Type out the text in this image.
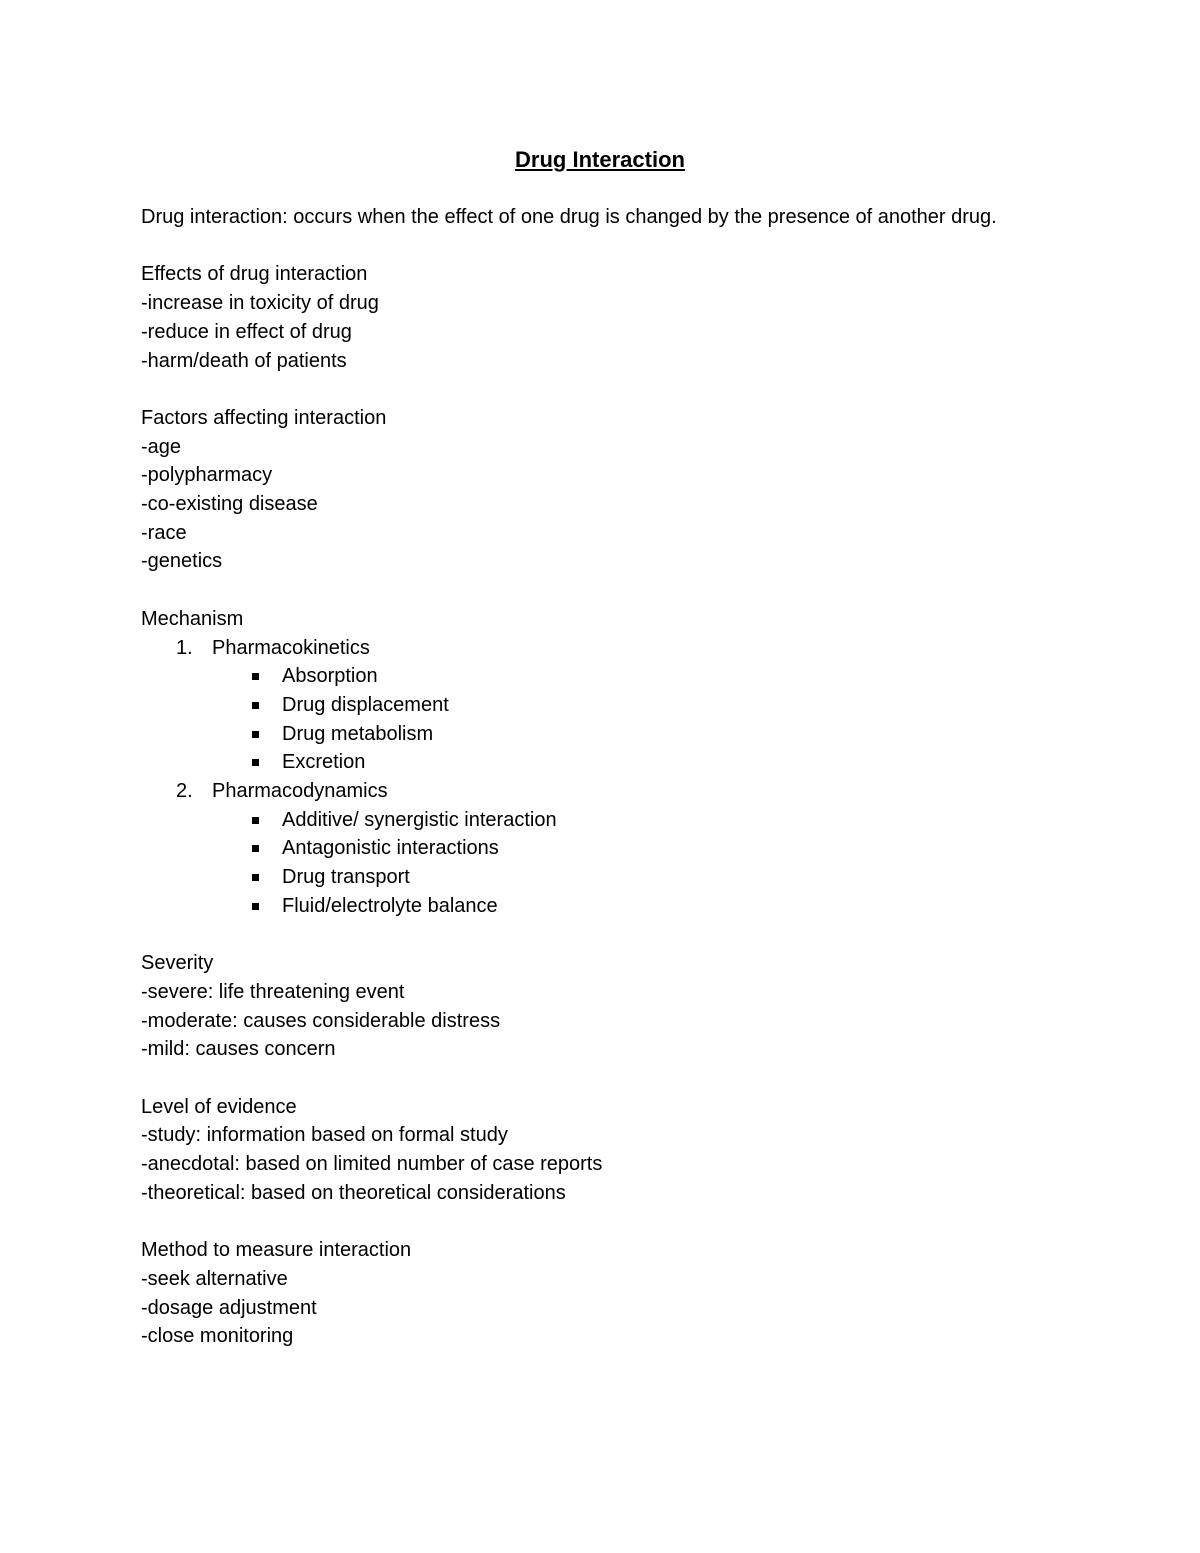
Drug Interaction

Drug interaction: occurs when the effect of one drug is changed by the presence of another drug.

Effects of drug interaction

-increase in toxicity of drug

-reduce in effect of drug

-harm/death of patients

Factors affecting interaction

-age

-polypharmacy

-co-existing disease

-race

-genetics

Mechanism

1. Pharmacokinetics
Absorption
Drug displacement
Drug metabolism
Excretion
2. Pharmacodynamics
Additive/ synergistic interaction
Antagonistic interactions
Drug transport
Fluid/electrolyte balance

Severity

-severe: life threatening event

-moderate: causes considerable distress

-mild: causes concern

Level of evidence

-study: information based on formal study

-anecdotal: based on limited number of case reports

-theoretical: based on theoretical considerations

Method to measure interaction

-seek alternative

-dosage adjustment

-close monitoring
